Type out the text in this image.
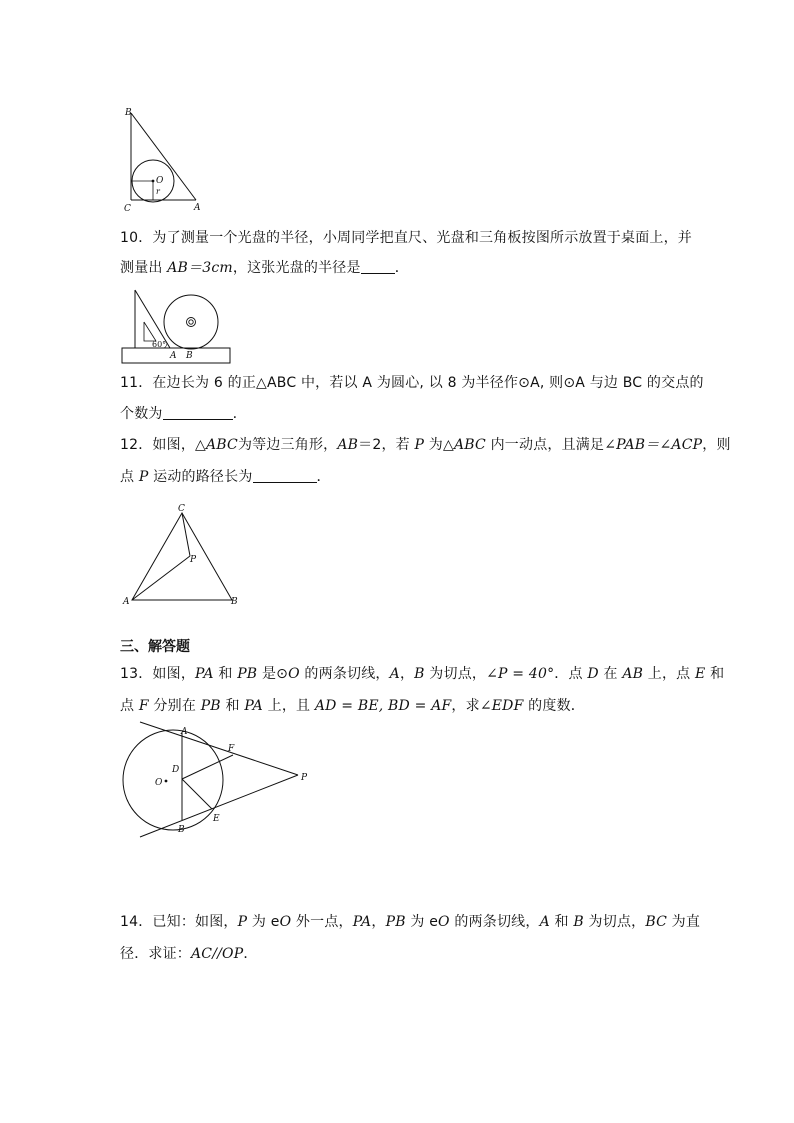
B
C	A
O
r
10．为了测量一个光盘的半径，小周同学把直尺、光盘和三角板按图所示放置于桌面上，并
测量出 AB＝3cm，这张光盘的半径是 ．
60°
A B
11．在边长为 6 的正△ABC 中，若以 A 为圆心, 以 8 为半径作⊙A, 则⊙A 与边 BC 的交点的
个数为	.
12．如图，△ABC为等边三角形，AB＝2，若 P 为△ABC 内一动点，且满足∠PAB＝∠ACP，则
点 P 运动的路径长为	．
C
P
A	B
三、解答题
13．如图，PA 和 PB 是⊙O 的两条切线，A，B 为切点，∠P = 40°．点 D 在 AB 上，点 E 和
点 F 分别在 PB 和 PA 上，且 AD = BE, BD = AF，求∠EDF 的度数．
A
F
D
O	P
B
E
14．已知：如图，P 为 eO 外一点，PA，PB 为 eO 的两条切线，A 和 B 为切点，BC 为直
径．求证：AC//OP．
